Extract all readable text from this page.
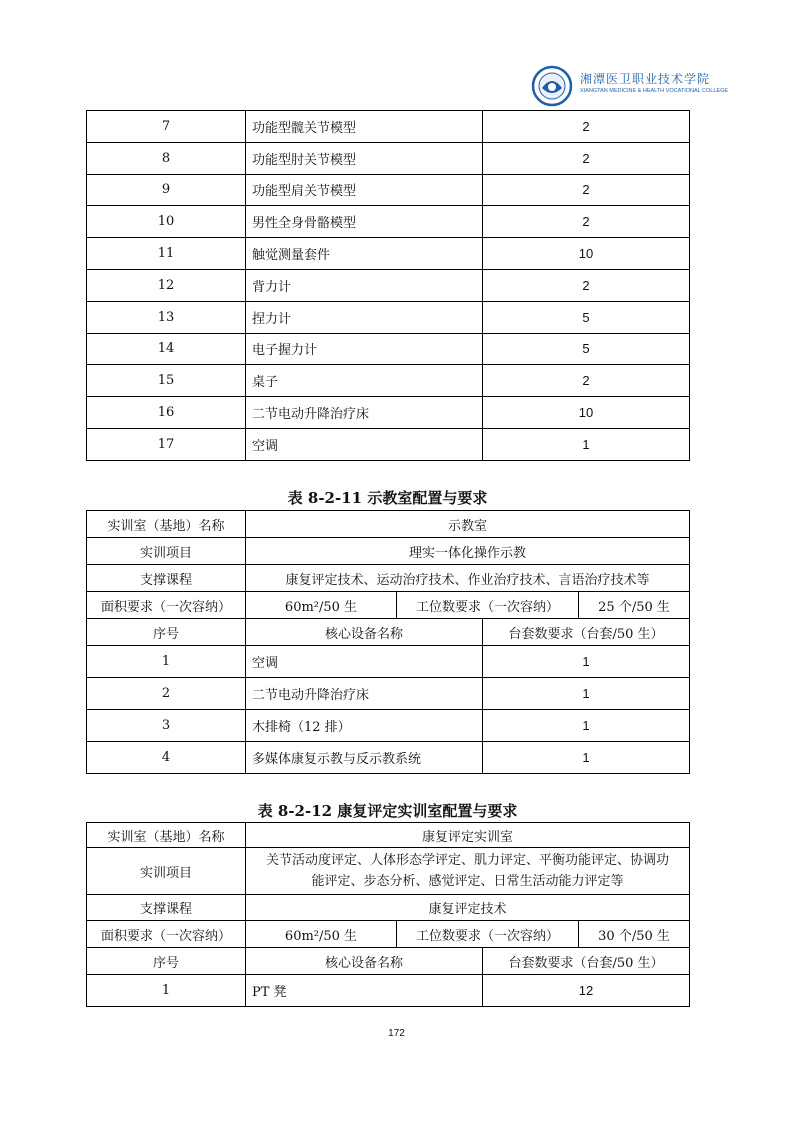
湘潭医卫职业技术学院
XIANGTAN MEDICINE & HEALTH VOCATIONAL COLLEGE
7	功能型髋关节模型	2
8	功能型肘关节模型	2
9	功能型肩关节模型	2
10	男性全身骨骼模型	2
11	触觉测量套件	10
12	背力计	2
13	捏力计	5
14	电子握力计	5
15	桌子	2
16	二节电动升降治疗床	10
17	空调	1
表 8-2-11 示教室配置与要求
实训室（基地）名称	示教室			
实训项目	理实一体化操作示教			
支撑课程	康复评定技术、运动治疗技术、作业治疗技术、言语治疗技术等			
面积要求（一次容纳）	60m²/50 生	工位数要求（一次容纳）		25 个/50 生
序号	核心设备名称		台套数要求（台套/50 生）	
1	空调		1	
2	二节电动升降治疗床		1	
3	木排椅（12 排）		1	
4	多媒体康复示教与反示教系统		1	
表 8-2-12 康复评定实训室配置与要求
实训室（基地）名称	康复评定实训室			
实训项目	关节活动度评定、人体形态学评定、肌力评定、平衡功能评定、协调功
能评定、步态分析、感觉评定、日常生活动能力评定等			

支撑课程	康复评定技术			
面积要求（一次容纳）	60m²/50 生	工位数要求（一次容纳）		30 个/50 生
序号	核心设备名称		台套数要求（台套/50 生）	
1	PT 凳		12	
172
